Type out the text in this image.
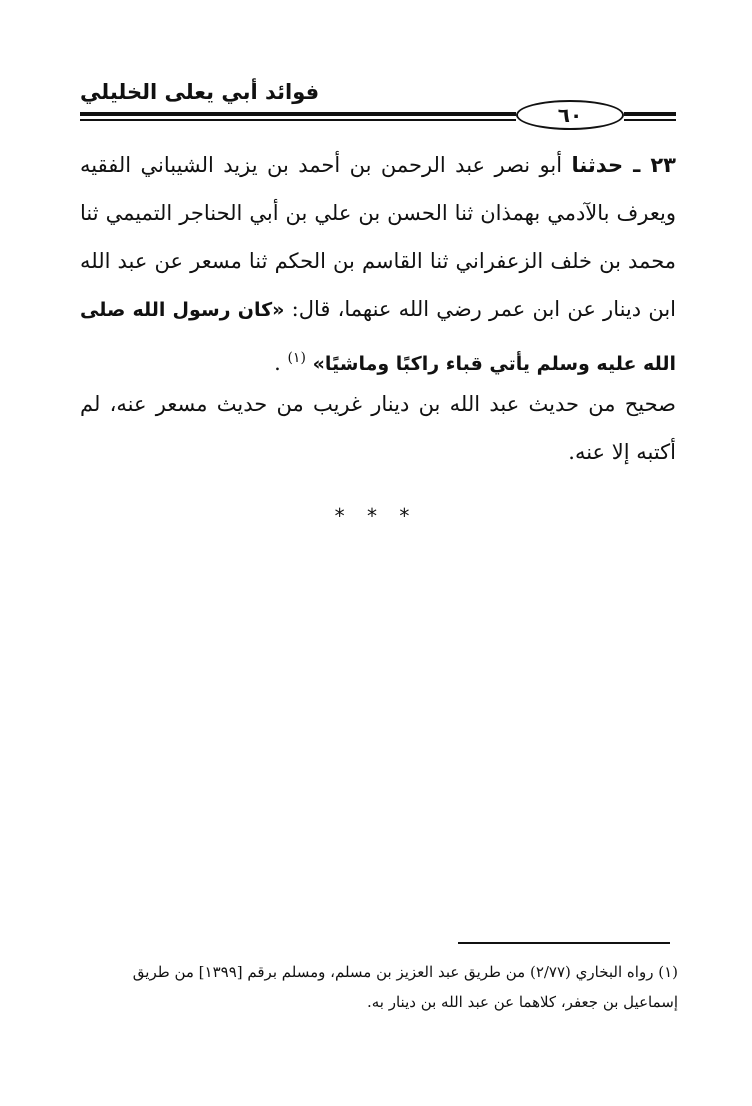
فوائد أبي يعلى الخليلي
٦٠
٢٣ ـ حدثنا أبو نصر عبد الرحمن بن أحمد بن يزيد الشيباني الفقيه ويعرف بالآدمي بهمذان ثنا الحسن بن علي بن أبي الحناجر التميمي ثنا محمد بن خلف الزعفراني ثنا القاسم بن الحكم ثنا مسعر عن عبد الله ابن دينار عن ابن عمر رضي الله عنهما، قال: «كان رسول الله صلى الله عليه وسلم يأتي قباء راكبًا وماشيًا» $^{(١)}$ .
صحيح من حديث عبد الله بن دينار غريب من حديث مسعر عنه، لم أكتبه إلا عنه.
* * *
(١) رواه البخاري (٢/٧٧) من طريق عبد العزيز بن مسلم، ومسلم برقم [١٣٩٩] من طريق إسماعيل بن جعفر، كلاهما عن عبد الله بن دينار به.
